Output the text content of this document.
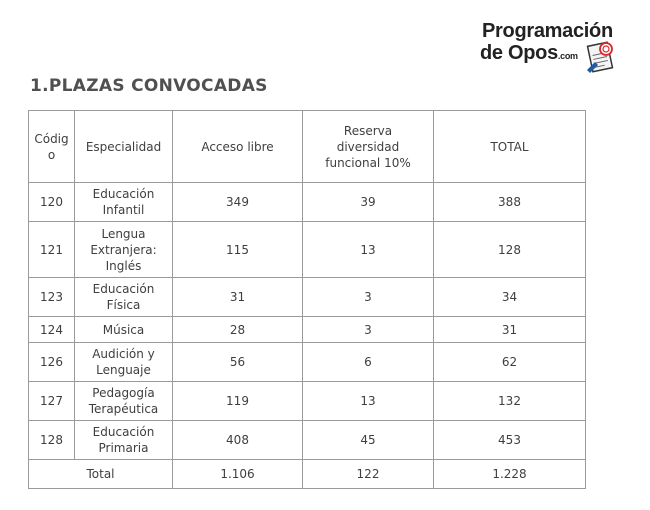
Programación
de Opos.com
1.PLAZAS CONVOCADAS
Código	Especialidad	Acceso libre	Reserva diversidad funcional 10%	TOTAL
120	Educación Infantil	349	39	388
121	Lengua Extranjera: Inglés	115	13	128
123	Educación Física	31	3	34
124	Música	28	3	31
126	Audición y Lenguaje	56	6	62
127	Pedagogía Terapéutica	119	13	132
128	Educación Primaria	408	45	453
Total		1.106	122	1.228
